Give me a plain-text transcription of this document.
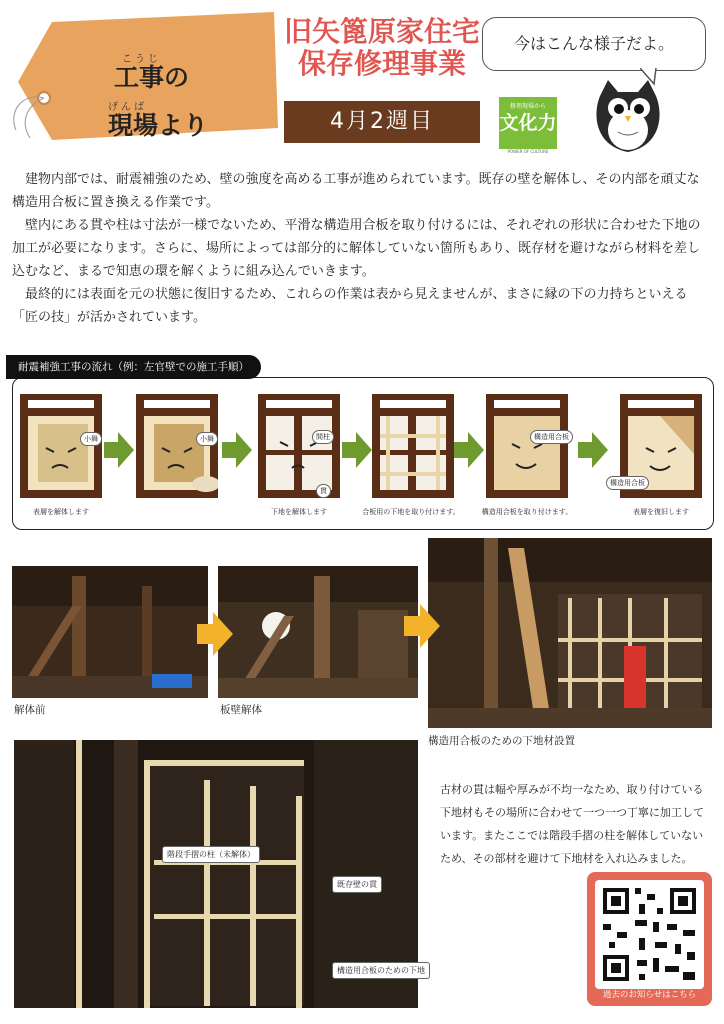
こうじ
工事の
げんば
現場より
旧矢篦原家住宅
保存修理事業
4月2週目
今はこんな様子だよ。
修理現場から
文化力
POWER OF CULTURE

建物内部では、耐震補強のため、壁の強度を高める工事が進められています。既存の壁を解体し、その内部を頑丈な構造用合板に置き換える作業です。

壁内にある貫や柱は寸法が一様でないため、平滑な構造用合板を取り付けるには、それぞれの形状に合わせた下地の加工が必要になります。さらに、場所によっては部分的に解体していない箇所もあり、既存材を避けながら材料を差し込むなど、まるで知恵の環を解くように組み込んでいきます。

最終的には表面を元の状態に復旧するため、これらの作業は表から見えませんが、まさに縁の下の力持ちといえる「匠の技」が活かされています。

耐震補強工事の流れ（例：左官壁での施工手順）
小舞	小舞	間柱
貫
構造用合板
構造用合板
表層を解体します	下地を解体します	合板用の下地を取り付けます。	構造用合板を取り付けます。	表層を復旧します
解体前	板壁解体
構造用合板のための下地材設置
階段手摺の柱（未解体）
既存壁の貫
構造用合板のための下地
古材の貫は幅や厚みが不均一なため、取り付けている下地材もその場所に合わせて一つ一つ丁寧に加工しています。またここでは階段手摺の柱を解体していないため、その部材を避けて下地材を入れ込みました。
過去のお知らせはこちら
